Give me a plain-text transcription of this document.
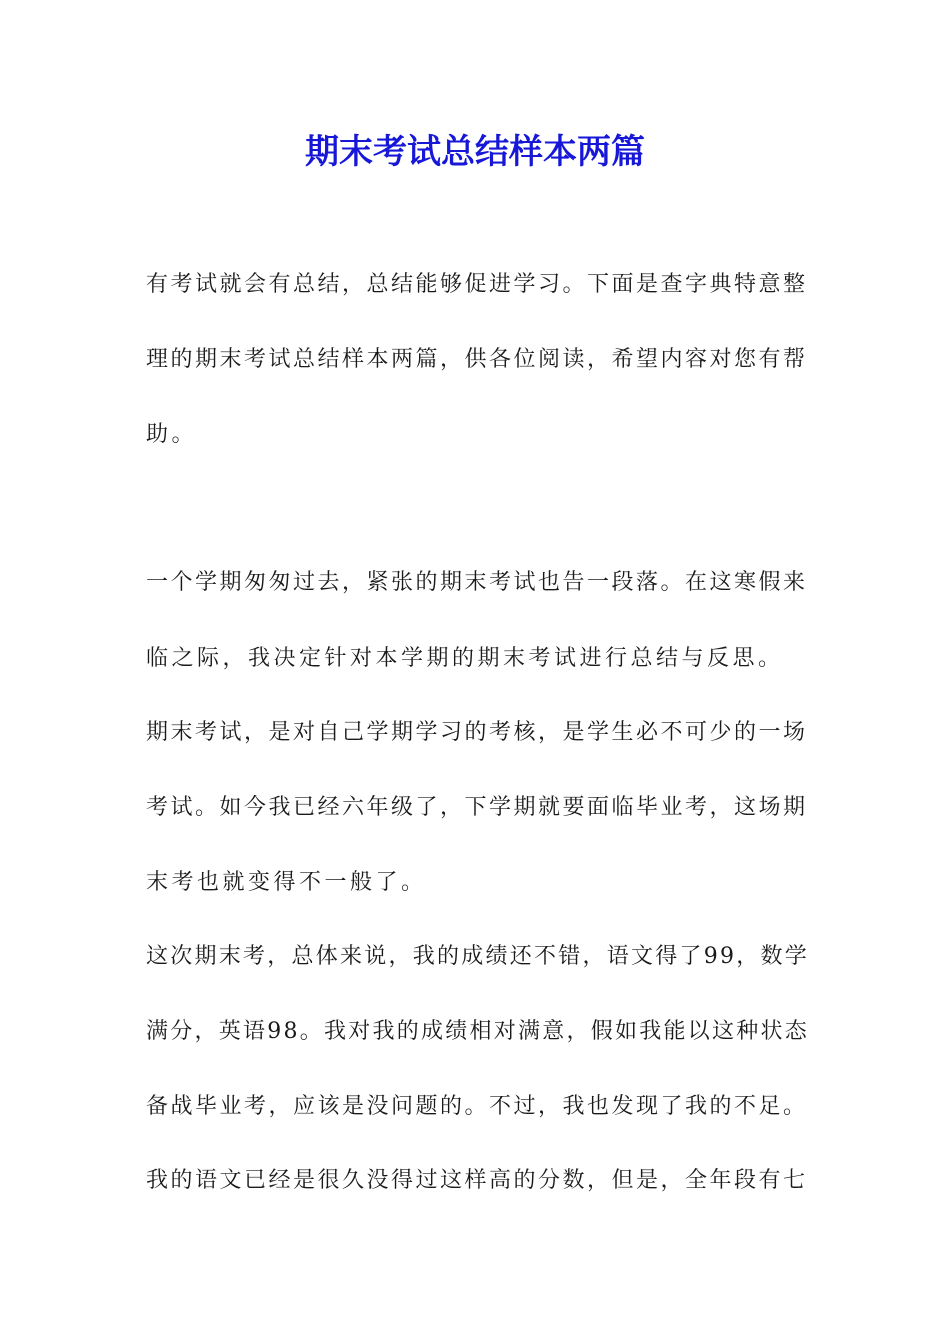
期末考试总结样本两篇
有考试就会有总结，总结能够促进学习。下面是查字典特意整
理的期末考试总结样本两篇，供各位阅读，希望内容对您有帮
助。
一个学期匆匆过去，紧张的期末考试也告一段落。在这寒假来
临之际，我决定针对本学期的期末考试进行总结与反思。
期末考试，是对自己学期学习的考核，是学生必不可少的一场
考试。如今我已经六年级了，下学期就要面临毕业考，这场期
末考也就变得不一般了。
这次期末考，总体来说，我的成绩还不错，语文得了99，数学
满分，英语98。我对我的成绩相对满意，假如我能以这种状态
备战毕业考，应该是没问题的。不过，我也发现了我的不足。
我的语文已经是很久没得过这样高的分数，但是，全年段有七
